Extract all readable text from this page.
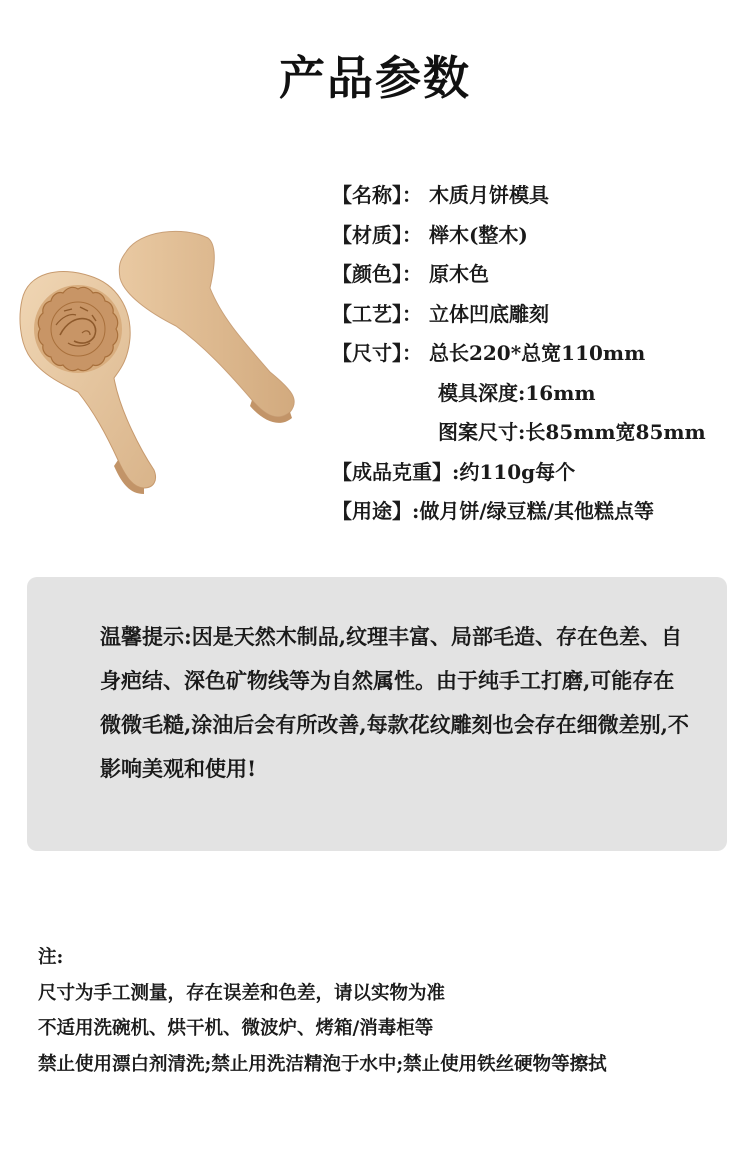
产品参数
【名称】： 木质月饼模具
【材质】： 榉木(整木)
【颜色】： 原木色
【工艺】： 立体凹底雕刻
【尺寸】： 总长220*总宽110mm
模具深度:16mm
图案尺寸:长85mm宽85mm
【成品克重】:约110g每个
【用途】:做月饼/绿豆糕/其他糕点等
温馨提示:因是天然木制品,纹理丰富、局部毛造、存在色差、自身疤结、深色矿物线等为自然属性。由于纯手工打磨,可能存在微微毛糙,涂油后会有所改善,每款花纹雕刻也会存在细微差别,不影响美观和使用!
注:
尺寸为手工测量，存在误差和色差，请以实物为准
不适用洗碗机、烘干机、微波炉、烤箱/消毒柜等
禁止使用漂白剂清洗;禁止用洗洁精泡于水中;禁止使用铁丝硬物等擦拭
